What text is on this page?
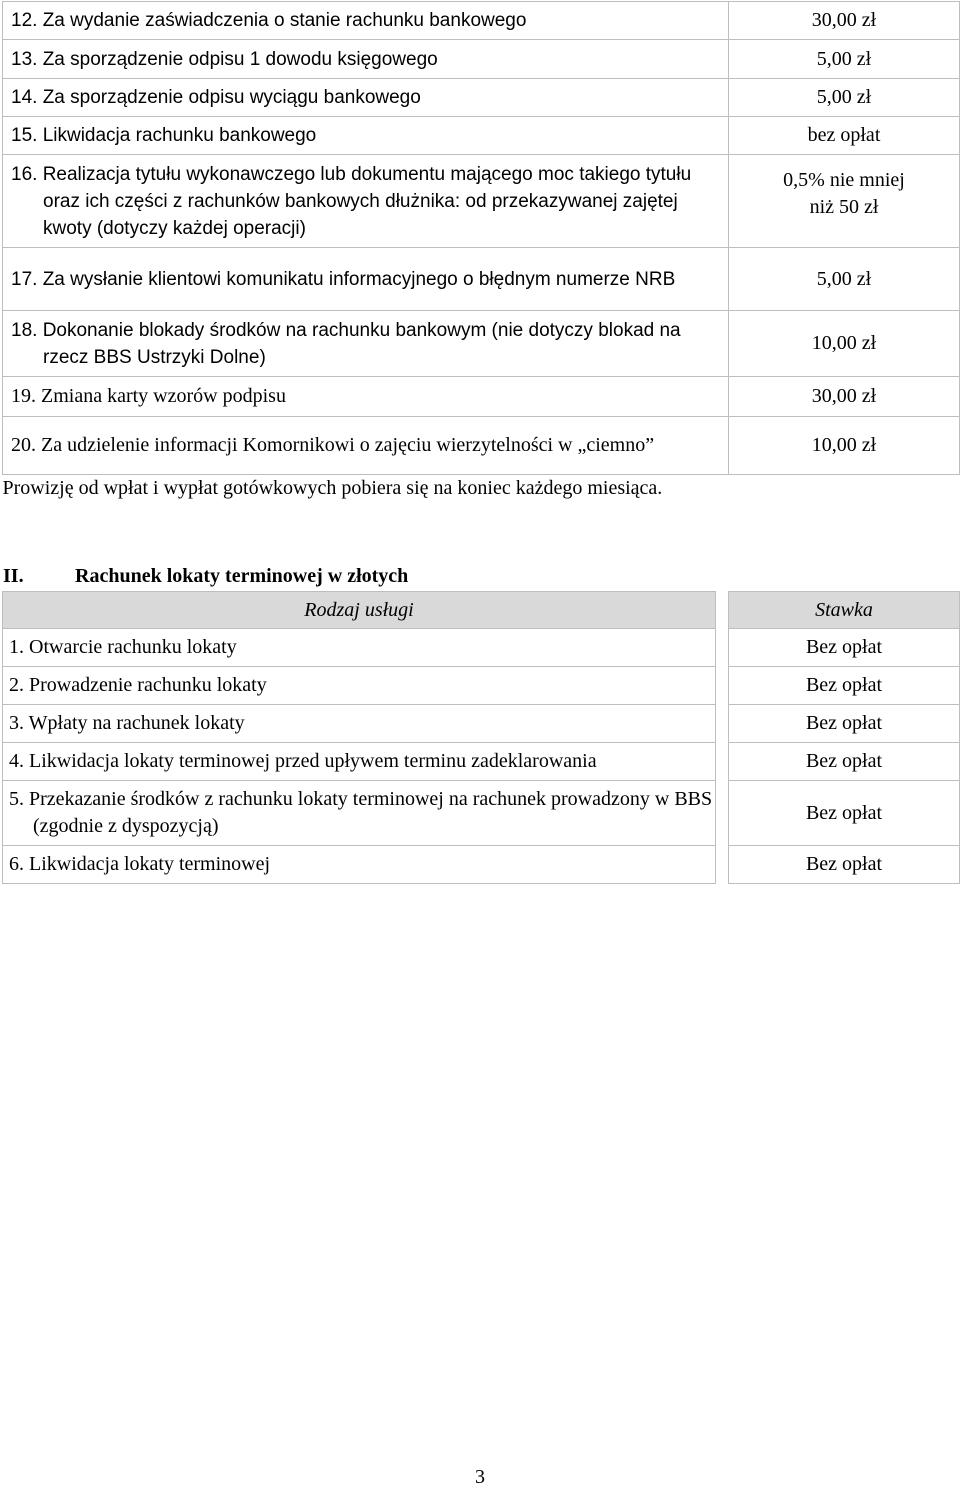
12. Za wydanie zaświadczenia o stanie rachunku bankowego	30,00 zł
13. Za sporządzenie odpisu 1 dowodu księgowego	5,00 zł
14. Za sporządzenie odpisu wyciągu bankowego	5,00 zł
15. Likwidacja rachunku bankowego	bez opłat

16. Realizacja tytułu wykonawczego lub dokumentu mającego moc takiego tytułu oraz ich części z rachunków bankowych dłużnika: od przekazywanej zajętej kwoty (dotyczy każdej operacji)	0,5% nie mniej
niż 50 zł

17. Za wysłanie klientowi komunikatu informacyjnego o błędnym numerze NRB	5,00 zł

18. Dokonanie blokady środków na rachunku bankowym (nie dotyczy blokad na rzecz BBS Ustrzyki Dolne)	10,00 zł
19. Zmiana karty wzorów podpisu	30,00 zł
20. Za udzielenie informacji Komornikowi o zajęciu wierzytelności w „ciemno”	10,00 zł
Prowizję od wpłat i wypłat gotówkowych pobiera się na koniec każdego miesiąca.	
II.	Rachunek lokaty terminowej w złotych
Rodzaj usługi		Stawka
1. Otwarcie rachunku lokaty		Bez opłat
2. Prowadzenie rachunku lokaty		Bez opłat
3. Wpłaty na rachunek lokaty		Bez opłat
4. Likwidacja lokaty terminowej przed upływem terminu zadeklarowania		Bez opłat

5. Przekazanie środków z rachunku lokaty terminowej na rachunek prowadzony w BBS (zgodnie z dyspozycją)		Bez opłat
6. Likwidacja lokaty terminowej		Bez opłat
3
